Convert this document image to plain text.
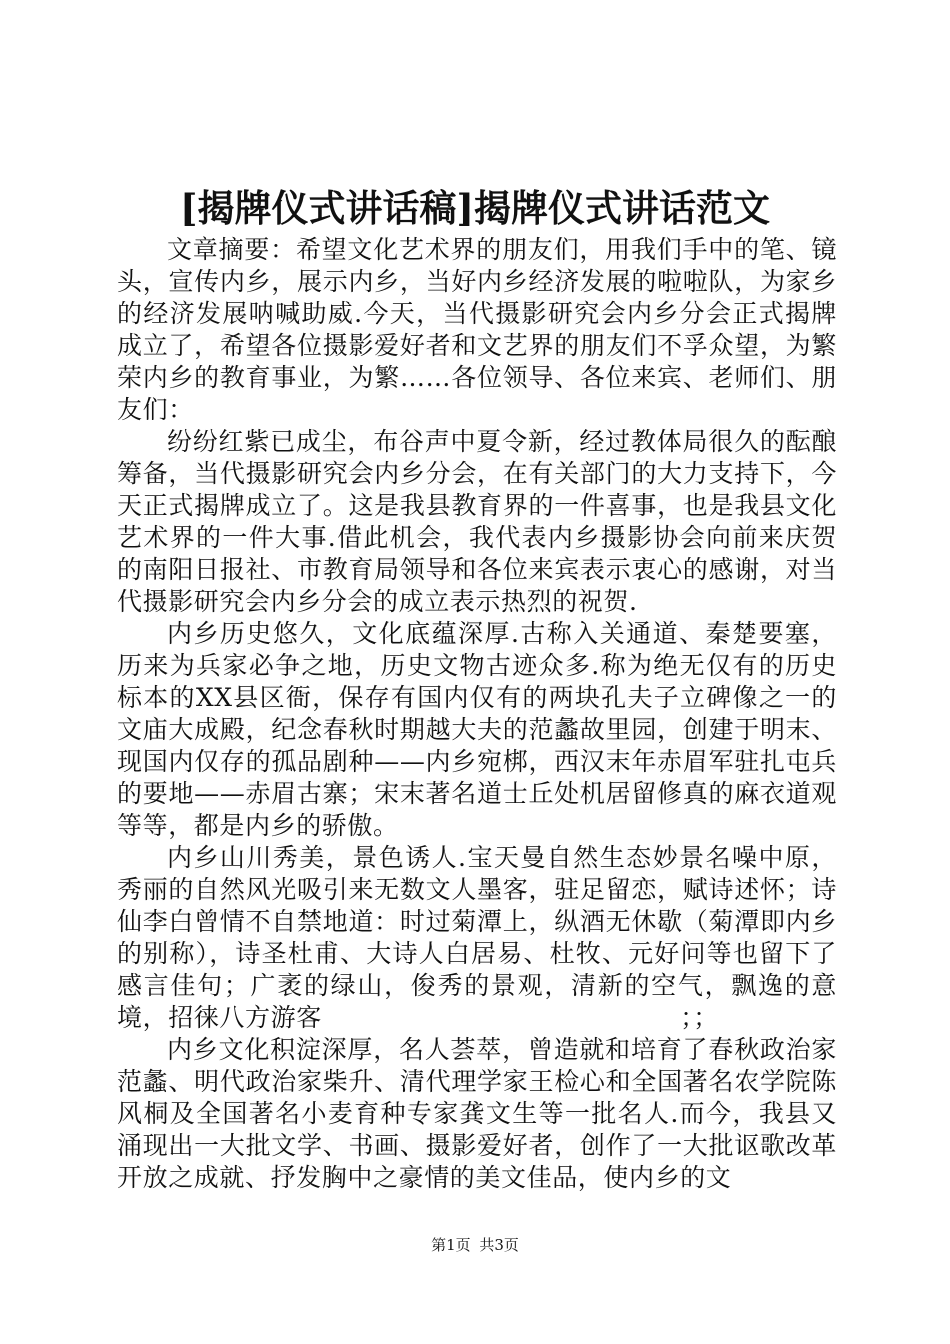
[揭牌仪式讲话稿]揭牌仪式讲话范文

文章摘要：希望文化艺术界的朋友们，用我们手中的笔、镜头，宣传内乡，展示内乡，当好内乡经济发展的啦啦队，为家乡的经济发展呐喊助威.今天，当代摄影研究会内乡分会正式揭牌成立了，希望各位摄影爱好者和文艺界的朋友们不孚众望，为繁荣内乡的教育事业，为繁……各位领导、各位来宾、老师们、朋友们：

纷纷红紫已成尘，布谷声中夏令新，经过教体局很久的酝酿筹备，当代摄影研究会内乡分会，在有关部门的大力支持下，今天正式揭牌成立了。这是我县教育界的一件喜事，也是我县文化艺术界的一件大事.借此机会，我代表内乡摄影协会向前来庆贺的南阳日报社、市教育局领导和各位来宾表示衷心的感谢，对当代摄影研究会内乡分会的成立表示热烈的祝贺.

内乡历史悠久，文化底蕴深厚.古称入关通道、秦楚要塞，历来为兵家必争之地，历史文物古迹众多.称为绝无仅有的历史标本的XX县区衙，保存有国内仅有的两块孔夫子立碑像之一的文庙大成殿，纪念春秋时期越大夫的范蠡故里园，创建于明末、现国内仅存的孤品剧种——内乡宛梆，西汉末年赤眉军驻扎屯兵的要地——赤眉古寨；宋末著名道士丘处机居留修真的麻衣道观等等，都是内乡的骄傲。

内乡山川秀美，景色诱人.宝天曼自然生态妙景名噪中原，秀丽的自然风光吸引来无数文人墨客，驻足留恋，赋诗述怀；诗仙李白曾情不自禁地道：时过菊潭上，纵酒无休歇（菊潭即内乡的别称），诗圣杜甫、大诗人白居易、杜牧、元好问等也留下了感言佳句；广袤的绿山，俊秀的景观，清新的空气，飘逸的意境，招徕八方游客　　　　　　　　　　　　　　；；

内乡文化积淀深厚，名人荟萃，曾造就和培育了春秋政治家范蠡、明代政治家柴升、清代理学家王检心和全国著名农学院陈风桐及全国著名小麦育种专家龚文生等一批名人.而今，我县又涌现出一大批文学、书画、摄影爱好者，创作了一大批讴歌改革开放之成就、抒发胸中之豪情的美文佳品，使内乡的文

第1页 共3页
